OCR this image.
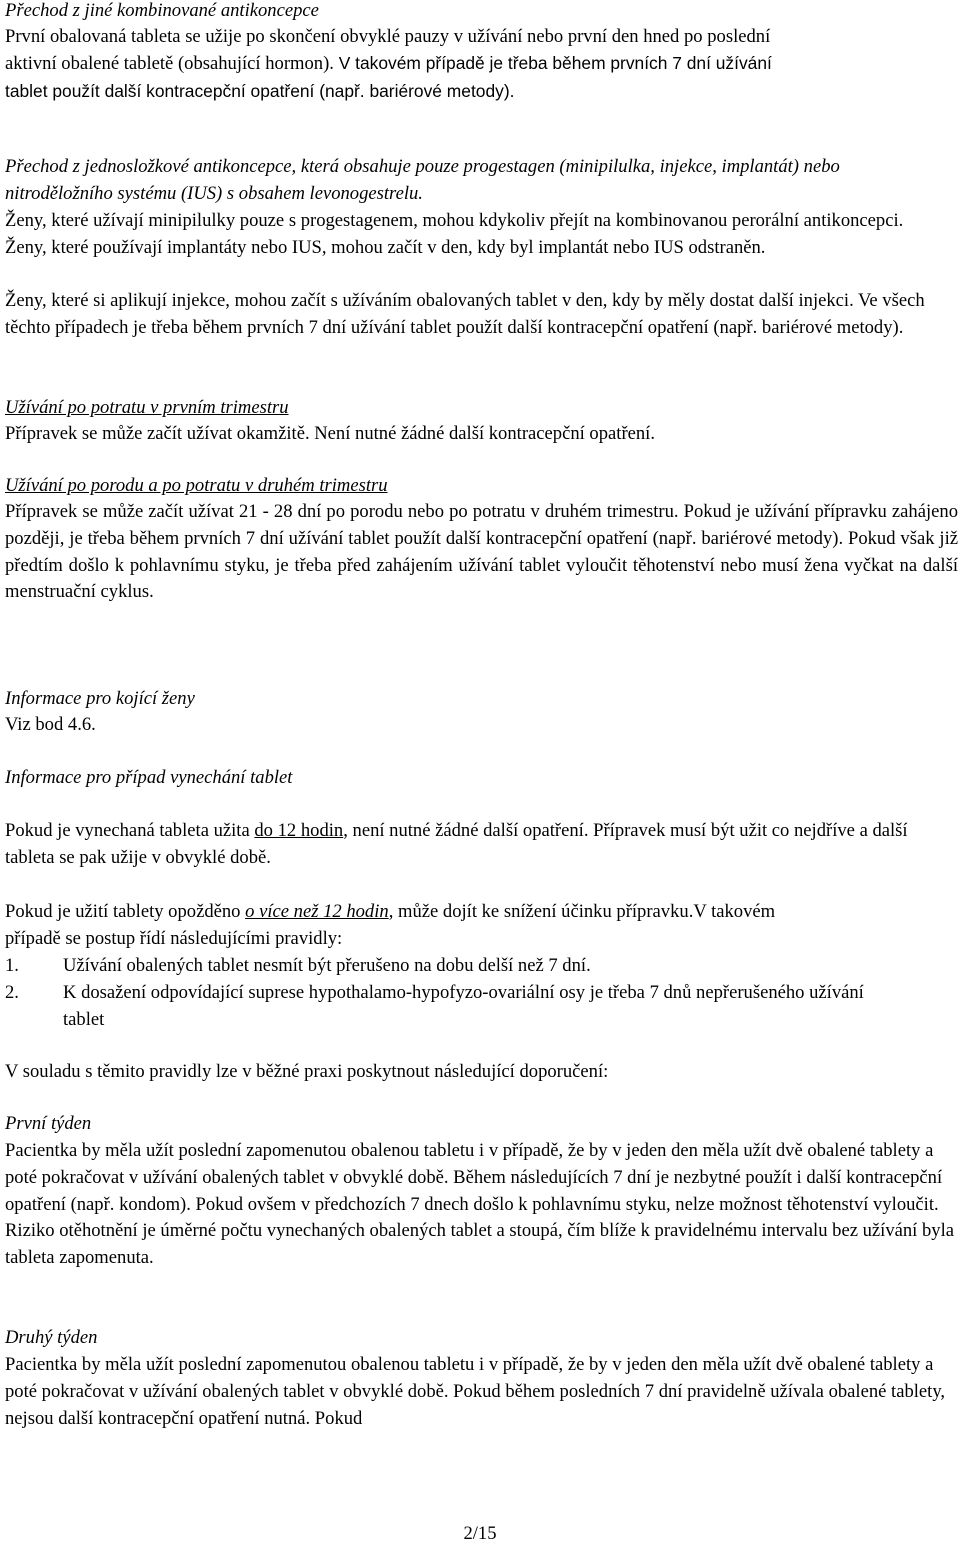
Přechod z jiné kombinované antikoncepce
První obalovaná tableta se užije po skončení obvyklé pauzy v užívání nebo první den hned po poslední
aktivní obalené tabletě (obsahující hormon). V takovém případě je třeba během prvních 7 dní užívání
tablet použít další kontracepční opatření (např. bariérové metody).
Přechod z jednosložkové antikoncepce, která obsahuje pouze progestagen (minipilulka, injekce, implantát) nebo nitroděložního systému (IUS) s obsahem levonogestrelu.
Ženy, které užívají minipilulky pouze s progestagenem, mohou kdykoliv přejít na kombinovanou perorální antikoncepci. Ženy, které používají implantáty nebo IUS, mohou začít v den, kdy byl implantát nebo IUS odstraněn.
Ženy, které si aplikují injekce, mohou začít s užíváním obalovaných tablet v den, kdy by měly dostat další injekci. Ve všech těchto případech je třeba během prvních 7 dní užívání tablet použít další kontracepční opatření (např. bariérové metody).
Užívání po potratu v prvním trimestru
Přípravek se může začít užívat okamžitě. Není nutné žádné další kontracepční opatření.
Užívání po porodu a po potratu v druhém trimestru
Přípravek se může začít užívat 21 - 28 dní po porodu nebo po potratu v druhém trimestru. Pokud je užívání přípravku zahájeno později, je třeba během prvních 7 dní užívání tablet použít další kontracepční opatření (např. bariérové metody). Pokud však již předtím došlo k pohlavnímu styku, je třeba před zahájením užívání tablet vyloučit těhotenství nebo musí žena vyčkat na další menstruační cyklus.
Informace pro kojící ženy
Viz bod 4.6.
Informace pro případ vynechání tablet
Pokud je vynechaná tableta užita do 12 hodin, není nutné žádné další opatření. Přípravek musí být užit co nejdříve a další tableta se pak užije v obvyklé době.
Pokud je užití tablety opožděno o více než 12 hodin, může dojít ke snížení účinku přípravku.V takovém případě se postup řídí následujícími pravidly:
1. Užívání obalených tablet nesmít být přerušeno na dobu delší než 7 dní.
2. K dosažení odpovídající suprese hypothalamo-hypofyzo-ovariální osy je třeba 7 dnů nepřerušeného užívání tablet
V souladu s těmito pravidly lze v běžné praxi poskytnout následující doporučení:
První týden
Pacientka by měla užít poslední zapomenutou obalenou tabletu i v případě, že by v jeden den měla užít dvě obalené tablety a poté pokračovat v užívání obalených tablet v obvyklé době. Během následujících 7 dní je nezbytné použít i další kontracepční opatření (např. kondom). Pokud ovšem v předchozích 7 dnech došlo k pohlavnímu styku, nelze možnost těhotenství vyloučit. Riziko otěhotnění je úměrné počtu vynechaných obalených tablet a stoupá, čím blíže k pravidelnému intervalu bez užívání byla tableta zapomenuta.
Druhý týden
Pacientka by měla užít poslední zapomenutou obalenou tabletu i v případě, že by v jeden den měla užít dvě obalené tablety a poté pokračovat v užívání obalených tablet v obvyklé době. Pokud během posledních 7 dní pravidelně užívala obalené tablety, nejsou další kontracepční opatření nutná. Pokud
2/15
